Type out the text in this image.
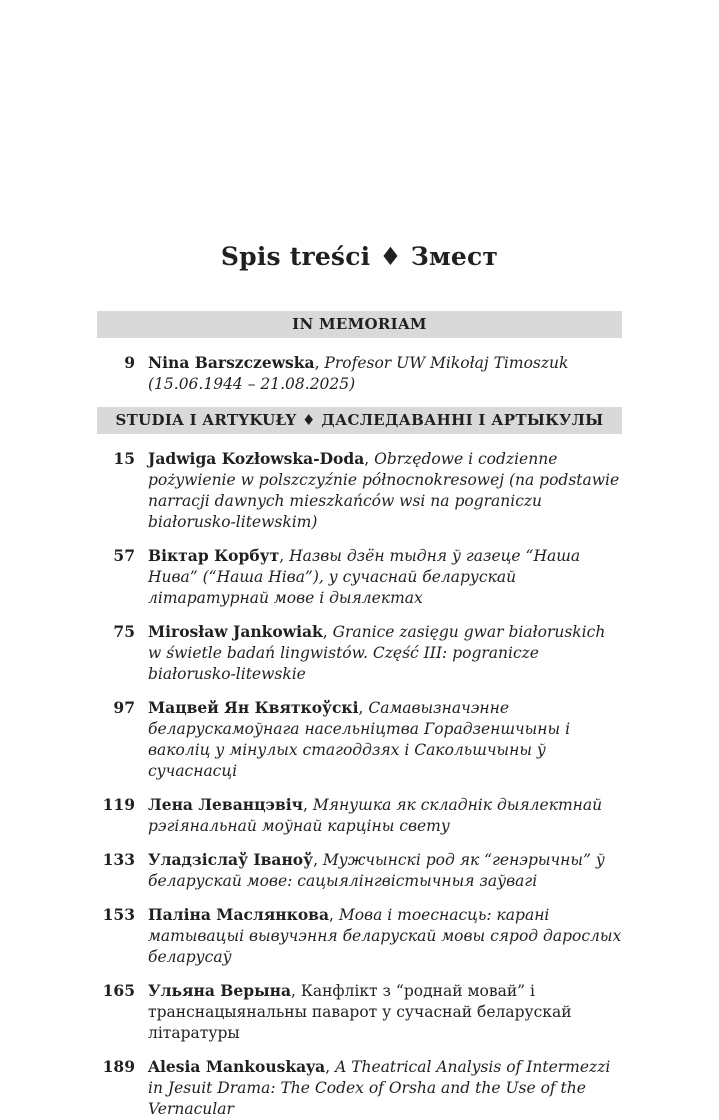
Spis treści ♦ Змест
IN MEMORIAM
9 Nina Barszczewska, Profesor UW Mikołaj Timoszuk (15.06.1944 – 21.08.2025)

STUDIA I ARTYKUŁY ♦ ДАСЛЕДАВАННІ І АРТЫКУЛЫ
15 Jadwiga Kozłowska-Doda, Obrzędowe i codzienne pożywienie w polszczyźnie północnokresowej (na podstawie narracji dawnych mieszkańców wsi na pograniczu białorusko-litewskim)

57 Віктар Корбут, Назвы дзён тыдня ў газеце “Наша Нива” (“Наша Ніва”), у сучаснай беларускай літаратурнай мове і дыялектах

75 Mirosław Jankowiak, Granice zasięgu gwar białoruskich w świetle badań lingwistów. Część III: pogranicze białorusko-litewskie

97 Мацвей Ян Квяткоўскі, Самавызначэнне беларускамоўнага насельніцтва Горадзеншчыны і ваколіц у мінулых стагоддзях і Сакольшчыны ў сучаснасці

119 Лена Леванцэвіч, Мянушка як складнік дыялектнай рэгіянальнай моўнай карціны свету

133 Уладзіслаў Іваноў, Мужчынскі род як “генэрычны” ў беларускай мове: сацыялінгвістычныя заўвагі

153 Паліна Маслянкова, Мова і тоеснасць: карані матывацыі вывучэння беларускай мовы сярод дарослых беларусаў

165 Ульяна Верына, Канфлікт з “роднай мовай” і транснацыянальны паварот у сучаснай беларускай літаратуры

189 Alesia Mankouskaya, A Theatrical Analysis of Intermezzi in Jesuit Drama: The Codex of Orsha and the Use of the Vernacular
